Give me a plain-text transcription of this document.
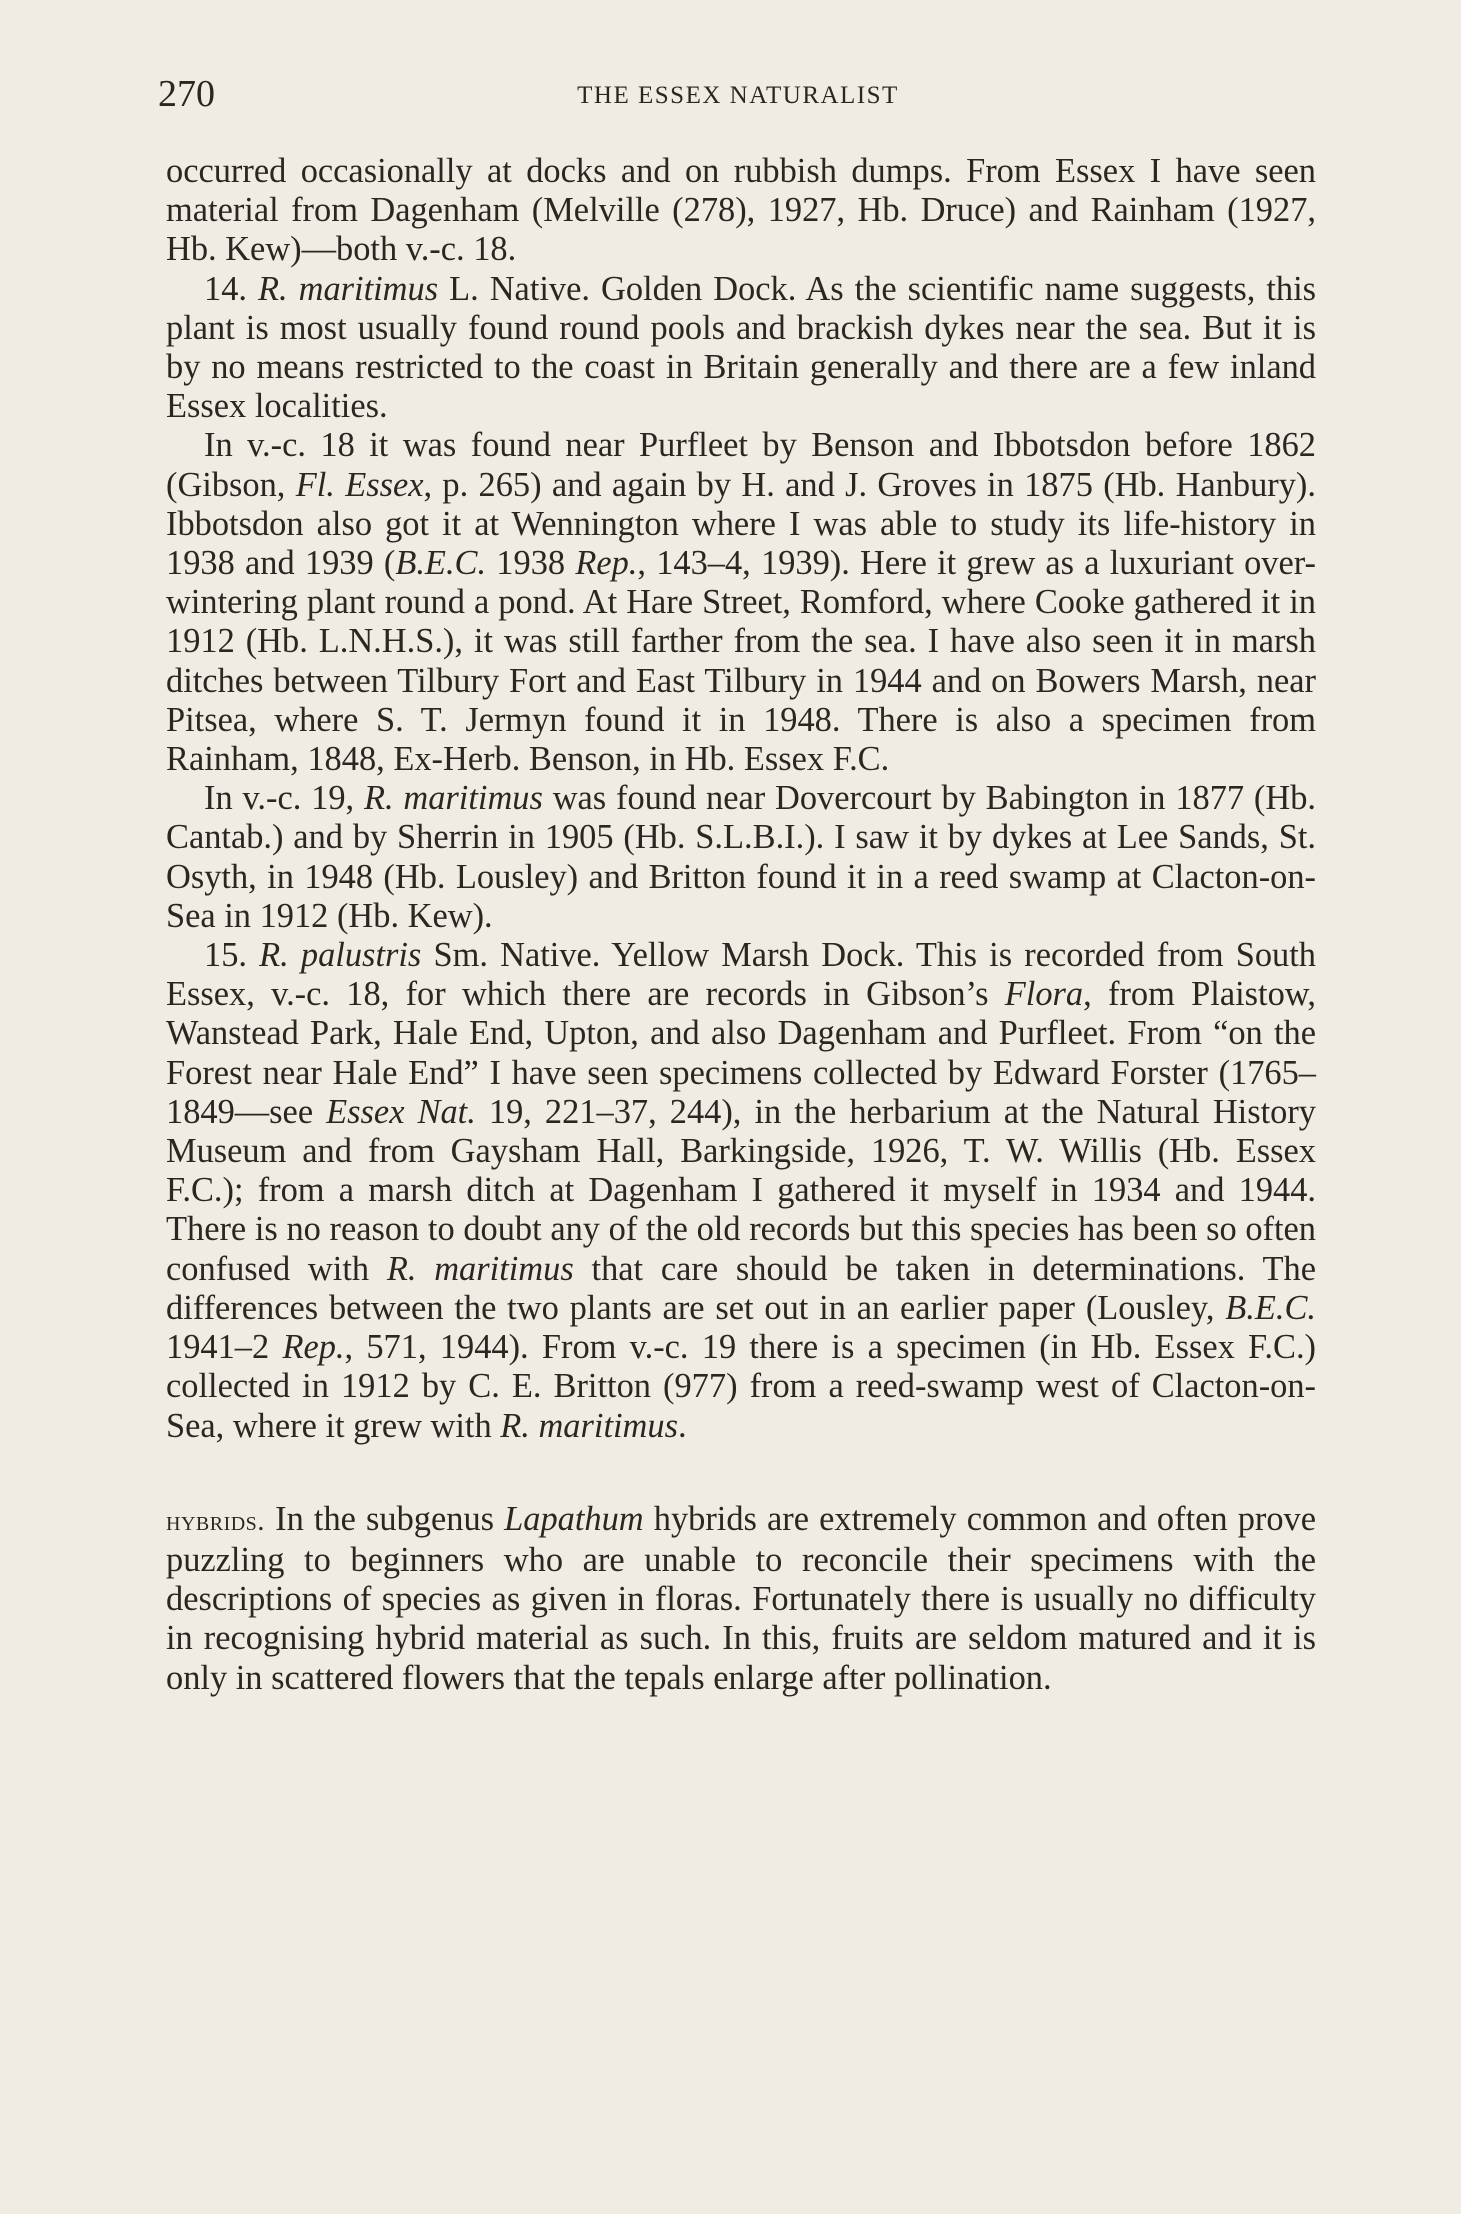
270	THE ESSEX NATURALIST

occurred occasionally at docks and on rubbish dumps. From Essex I have seen material from Dagenham (Melville (278), 1927, Hb. Druce) and Rainham (1927, Hb. Kew)—both v.-c. 18.

14. R. maritimus L. Native. Golden Dock. As the scientific name suggests, this plant is most usually found round pools and brackish dykes near the sea. But it is by no means restricted to the coast in Britain generally and there are a few inland Essex localities.

In v.-c. 18 it was found near Purfleet by Benson and Ibbotsdon before 1862 (Gibson, Fl. Essex, p. 265) and again by H. and J. Groves in 1875 (Hb. Hanbury). Ibbotsdon also got it at Wennington where I was able to study its life-history in 1938 and 1939 (B.E.C. 1938 Rep., 143–4, 1939). Here it grew as a luxuriant over-wintering plant round a pond. At Hare Street, Romford, where Cooke gathered it in 1912 (Hb. L.N.H.S.), it was still farther from the sea. I have also seen it in marsh ditches between Tilbury Fort and East Tilbury in 1944 and on Bowers Marsh, near Pitsea, where S. T. Jermyn found it in 1948. There is also a specimen from Rainham, 1848, Ex-Herb. Benson, in Hb. Essex F.C.

In v.-c. 19, R. maritimus was found near Dovercourt by Babington in 1877 (Hb. Cantab.) and by Sherrin in 1905 (Hb. S.L.B.I.). I saw it by dykes at Lee Sands, St. Osyth, in 1948 (Hb. Lousley) and Britton found it in a reed swamp at Clacton-on-Sea in 1912 (Hb. Kew).

15. R. palustris Sm. Native. Yellow Marsh Dock. This is recorded from South Essex, v.-c. 18, for which there are records in Gibson’s Flora, from Plaistow, Wanstead Park, Hale End, Upton, and also Dagenham and Purfleet. From “on the Forest near Hale End” I have seen specimens collected by Edward Forster (1765–1849—see Essex Nat. 19, 221–37, 244), in the herbarium at the Natural History Museum and from Gaysham Hall, Barkingside, 1926, T. W. Willis (Hb. Essex F.C.); from a marsh ditch at Dagenham I gathered it myself in 1934 and 1944. There is no reason to doubt any of the old records but this species has been so often confused with R. maritimus that care should be taken in determinations. The differences between the two plants are set out in an earlier paper (Lousley, B.E.C. 1941–2 Rep., 571, 1944). From v.-c. 19 there is a specimen (in Hb. Essex F.C.) collected in 1912 by C. E. Britton (977) from a reed-swamp west of Clacton-on-Sea, where it grew with R. maritimus.

hybrids. In the subgenus Lapathum hybrids are extremely common and often prove puzzling to beginners who are unable to reconcile their specimens with the descriptions of species as given in floras. Fortunately there is usually no difficulty in recognising hybrid material as such. In this, fruits are seldom matured and it is only in scattered flowers that the tepals enlarge after pollination.
